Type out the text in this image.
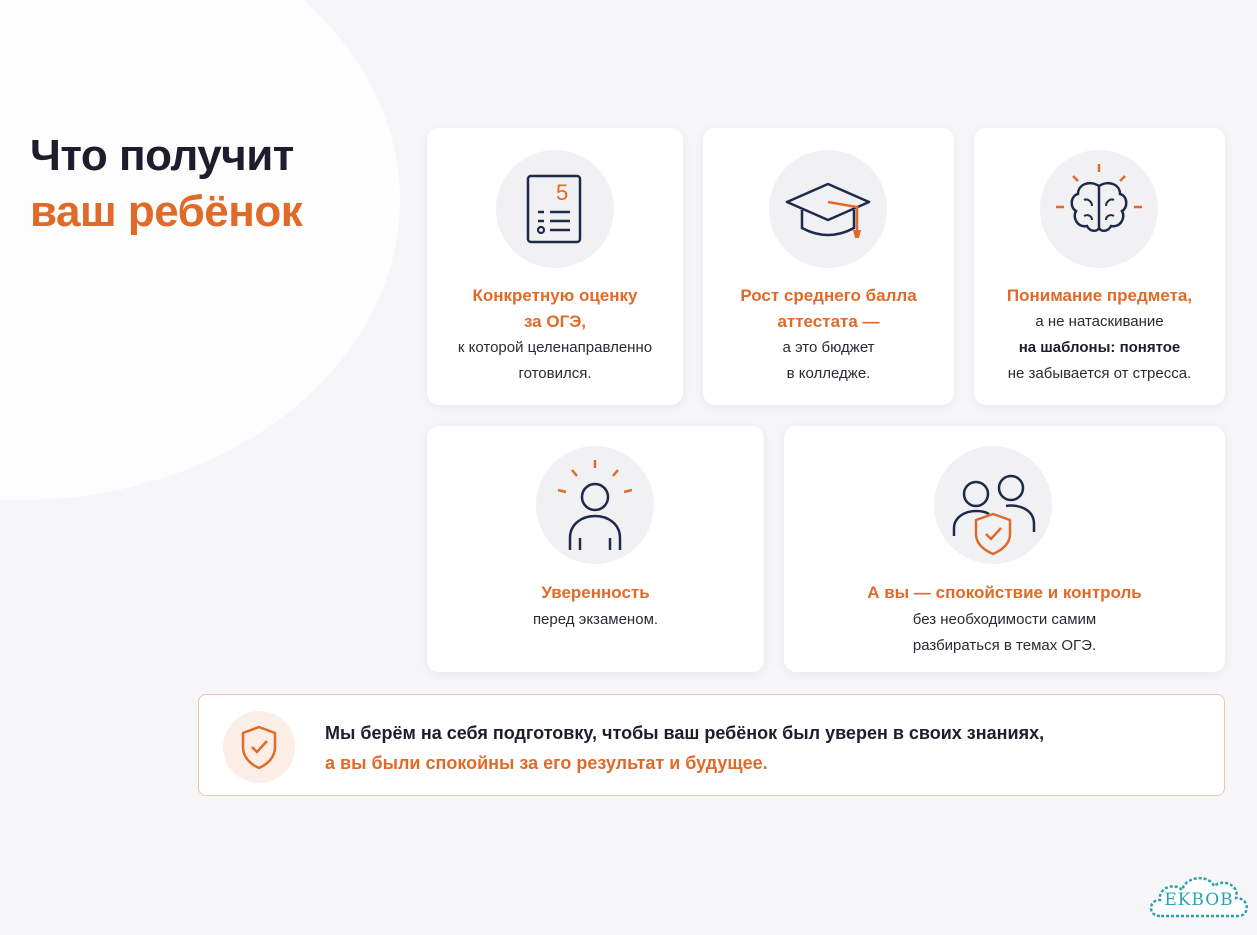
Что получит
ваш ребёнок	5
Конкретную оценку
за ОГЭ,
к которой целенаправленно
готовился.
Рост среднего балла
аттестата —
а это бюджет
в колледже.
Понимание предмета,
а не натаскивание
на шаблоны: понятое
не забывается от стресса.
Уверенность
перед экзаменом.
А вы — спокойствие и контроль
без необходимости самим
разбираться в темах ОГЭ.
Мы берём на себя подготовку, чтобы ваш ребёнок был уверен в своих знаниях,
а вы были спокойны за его результат и будущее.
EKBOB
